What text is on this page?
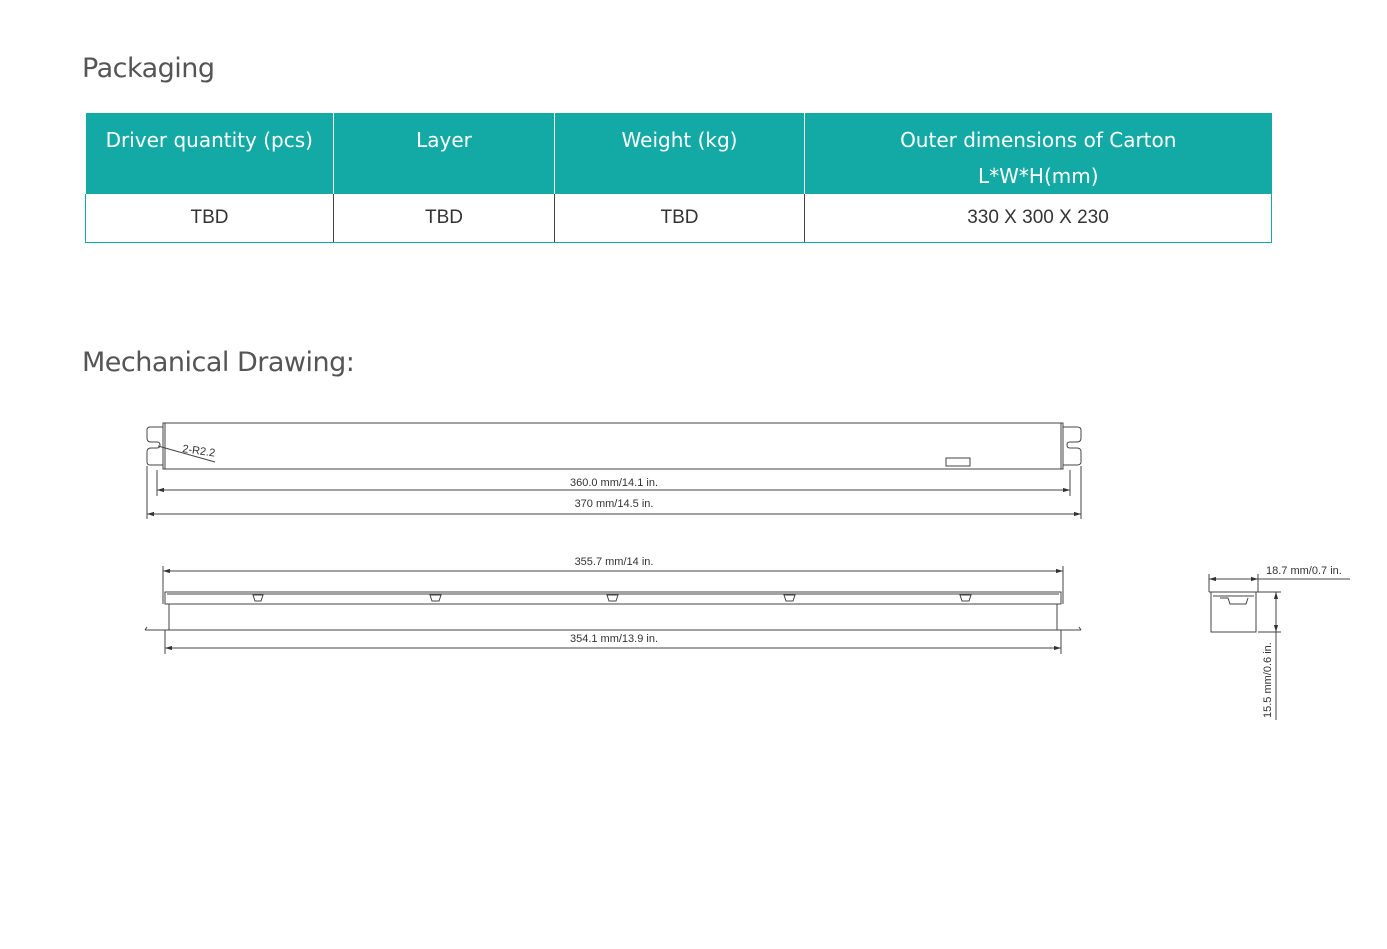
Packaging
Driver quantity (pcs)	Layer	Weight (kg)	Outer dimensions of Carton
L*W*H(mm)

TBD	TBD	TBD	330 X 300 X 230
Mechanical Drawing:
2-R2.2
360.0 mm/14.1 in.
370 mm/14.5 in.
355.7 mm/14 in.
354.1 mm/13.9 in.
18.7 mm/0.7 in.
15.5 mm/0.6 in.
